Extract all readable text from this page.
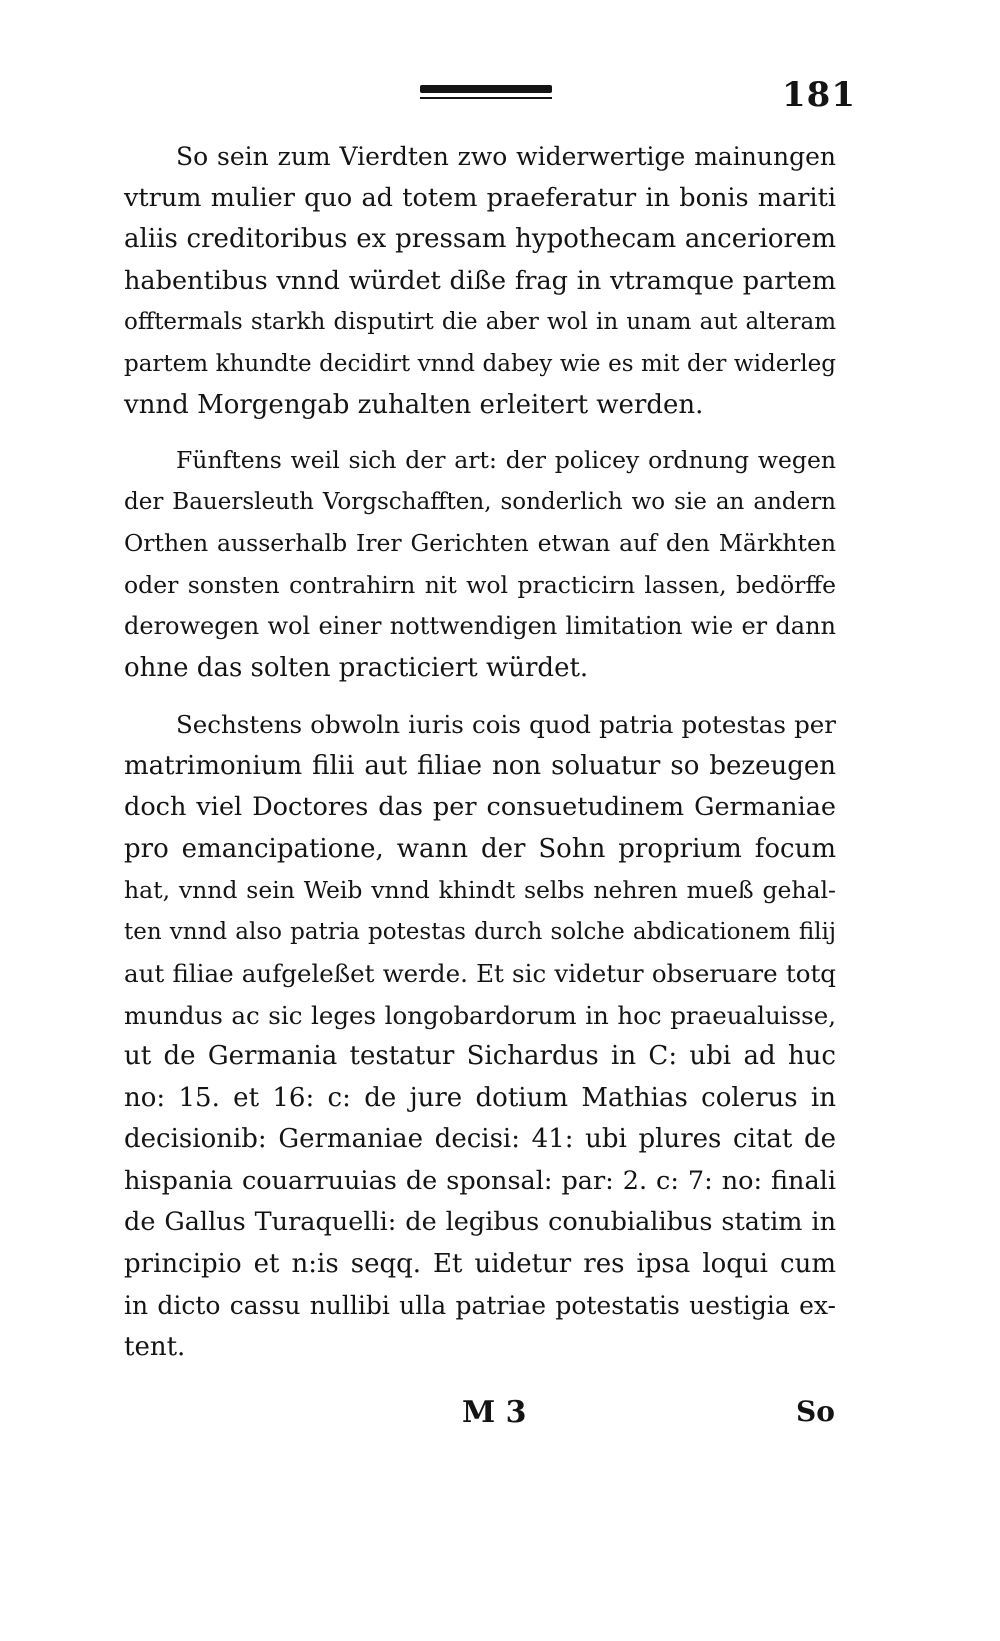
181
So sein zum Vierdten zwo widerwertige mainungen
vtrum mulier quo ad totem praeferatur in bonis mariti
aliis creditoribus ex pressam hypothecam anceriorem
habentibus vnnd würdet diße frag in vtramque partem
offtermals starkh disputirt die aber wol in unam aut alteram
partem khundte decidirt vnnd dabey wie es mit der widerleg
vnnd Morgengab zuhalten erleitert werden.
Fünftens weil sich der art: der policey ordnung wegen
der Bauersleuth Vorgschafften, sonderlich wo sie an andern
Orthen ausserhalb Irer Gerichten etwan auf den Märkhten
oder sonsten contrahirn nit wol practicirn lassen, bedörffe
derowegen wol einer nottwendigen limitation wie er dann
ohne das solten practiciert würdet.
Sechstens obwoln iuris cois quod patria potestas per
matrimonium filii aut filiae non soluatur so bezeugen
doch viel Doctores das per consuetudinem Germaniae
pro emancipatione, wann der Sohn proprium focum
hat, vnnd sein Weib vnnd khindt selbs nehren mueß gehal-
ten vnnd also patria potestas durch solche abdicationem filij
aut filiae aufgeleßet werde. Et sic videtur obseruare totq
mundus ac sic leges longobardorum in hoc praeualuisse,
ut de Germania testatur Sichardus in C: ubi ad huc
no: 15. et 16: c: de jure dotium Mathias colerus in
decisionib: Germaniae decisi: 41: ubi plures citat de
hispania couarruuias de sponsal: par: 2. c: 7: no: finali
de Gallus Turaquelli: de legibus conubialibus statim in
principio et n:is seqq. Et uidetur res ipsa loqui cum
in dicto cassu nullibi ulla patriae potestatis uestigia ex-
tent.
M 3	So
